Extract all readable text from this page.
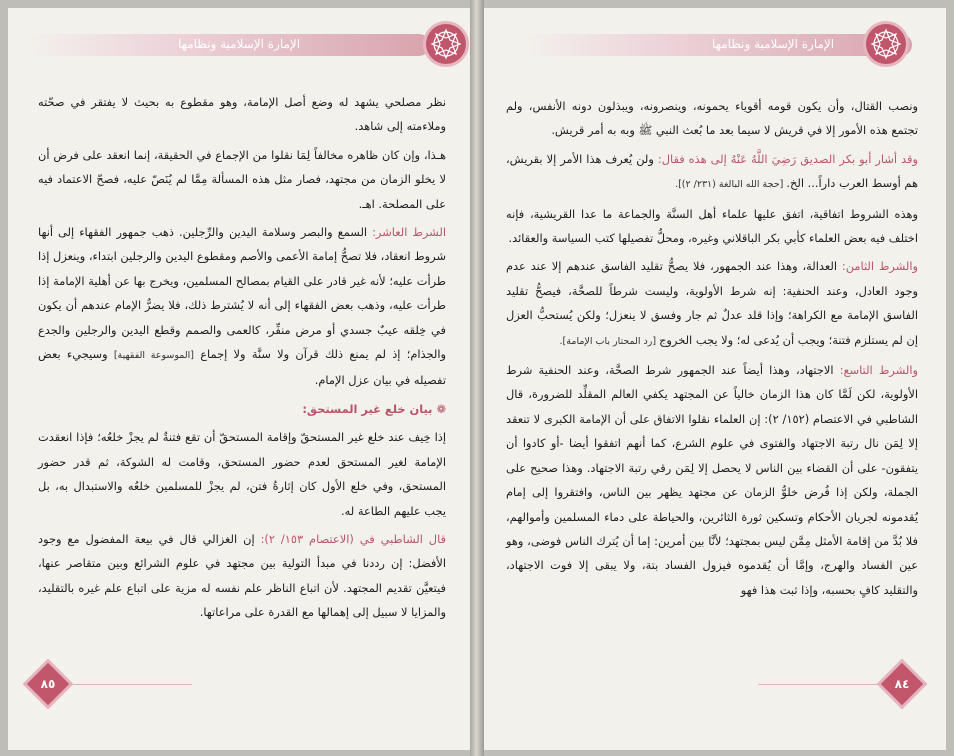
الإمارة الإسلامية ونظامها

نظر مصلحي يشهد له وضع أصل الإمامة، وهو مقطوع به بحيث لا يفتقر في صحّته وملاءمته إلى شاهد.

هـذا، وإن كان ظاهره مخالفاً لِمَا نقلوا من الإجماع في الحقيقة، إنما انعقد على فرض أن لا يخلو الزمان من مجتهد، فصار مثل هذه المسألة مِمَّا لم يُنَصّ عليه، فصحّ الاعتماد فيه على المصلحة. اهـ.

الشرط العاشر: السمع والبصر وسلامة اليدين والرِّجلين. ذهب جمهور الفقهاء إلى أنها شروط انعقاد، فلا تصحُّ إمامة الأعمى والأصم ومقطوع اليدين والرجلين ابتداء، وينعزل إذا طرأت عليه؛ لأنه غير قادر على القيام بمصالح المسلمين، ويخرج بها عن أهلية الإمامة إذا طرأت عليه، وذهب بعض الفقهاء إلى أنه لا يُشترط ذلك، فلا يضرُّ الإمام عندهم أن يكون في خِلقه عيبٌ جسدي أو مرض منفِّر، كالعمى والصمم وقطع اليدين والرجلين والجدع والجذام؛ إذ لم يمنع ذلك قرآن ولا سنَّة ولا إجماع [الموسوعة الفقهية] وسيجيء بعض تفصيله في بيان عزل الإمام.

❁بيان خلع غير المستحق:

إذا خِيف عند خلع غير المستحقّ وإقامة المستحقّ أن تقع فتنةٌ لم يجزْ خلعُه؛ فإذا انعقدت الإمامة لغير المستحق لعدم حضور المستحق، وقامت له الشوكة، ثم قدر حضور المستحق، وفي خلع الأول كان إثارةُ فتن، لم يجزْ للمسلمين خلعُه والاستبدال به، بل يجب عليهم الطاعة له.

قال الشاطبي في (الاعتصام ١٥٣/ ٢): إن الغزالي قال في بيعة المفضول مع وجود الأفضل: إن رددنا في مبدأ التولية بين مجتهد في علوم الشرائع وبين متقاصر عنها، فيتعيَّن تقديم المجتهد. لأن اتباع الناظر علم نفسه له مزية على اتباع علم غيره بالتقليد، والمزايا لا سبيل إلى إهمالها مع القدرة على مراعاتها.

٨٥
الإمارة الإسلامية ونظامها

ونصب القتال، وأن يكون قومه أقوياء يحمونه، وينصرونه، ويبذلون دونه الأنفس، ولم تجتمع هذه الأمور إلا في قريش لا سيما بعد ما بُعث النبي ﷺ وبه به أمر قريش.

وقد أشار أبو بكر الصديق رَضِيَ اللَّهُ عَنْهُ إلى هذه فقال: ولن يُعرف هذا الأمر إلا بقريش، هم أوسط العرب داراً... الخ. [حجة الله البالغة (٢٣١/ ٢)].

وهذه الشروط اتفاقية، اتفق عليها علماء أهل السنَّة والجماعة ما عدا القريشية، فإنه اختلف فيه بعض العلماء كأبي بكر الباقلاني وغيره، ومحلُّ تفصيلها كتب السياسة والعقائد.

والشرط الثامن: العدالة، وهذا عند الجمهور، فلا يصحُّ تقليد الفاسق عندهم إلا عند عدم وجود العادل، وعند الحنفية: إنه شرط الأولوية، وليست شرطاً للصحَّة، فيصحُّ تقليد الفاسق الإمامة مع الكراهة؛ وإذا قلد عدلٌ ثم جار وفسق لا ينعزل؛ ولكن يُستحبُّ العزل إن لم يستلزم فتنة؛ ويجب أن يُدعى له؛ ولا يجب الخروج [رد المحتار باب الإمامة].

والشرط التاسع: الاجتهاد، وهذا أيضاً عند الجمهور شرط الصحَّة، وعند الحنفية شرط الأولوية، لكن لَمَّا كان هذا الزمان خالياً عن المجتهد يكفي العالم المقلِّد للضرورة، قال الشاطبي في الاعتصام (١٥٢/ ٢): إن العلماء نقلوا الاتفاق على أن الإمامة الكبرى لا تنعقد إلا لِمَن نال رتبة الاجتهاد والفتوى في علوم الشرع، كما أنهم اتفقوا أيضا -أو كادوا أن يتفقون- على أن القضاء بين الناس لا يحصل إلا لِمَن رقي رتبة الاجتهاد. وهذا صحيح على الجملة، ولكن إذا فُرض خلوُّ الزمان عن مجتهد يظهر بين الناس، وافتقروا إلى إمام يُقدمونه لجريان الأحكام وتسكين ثورة الثائرين، والحياطة على دماء المسلمين وأموالهم، فلا بُدَّ من إقامة الأمثل مِمَّن ليس بمجتهد؛ لأنَّا بين أمرين: إما أن يُترك الناس فوضى، وهو عين الفساد والهرج، وإمَّا أن يُقدموه فيزول الفساد بتة، ولا يبقى إلا فوت الاجتهاد، والتقليد كافٍ بحسبه، وإذا ثبت هذا فهو

٨٤
